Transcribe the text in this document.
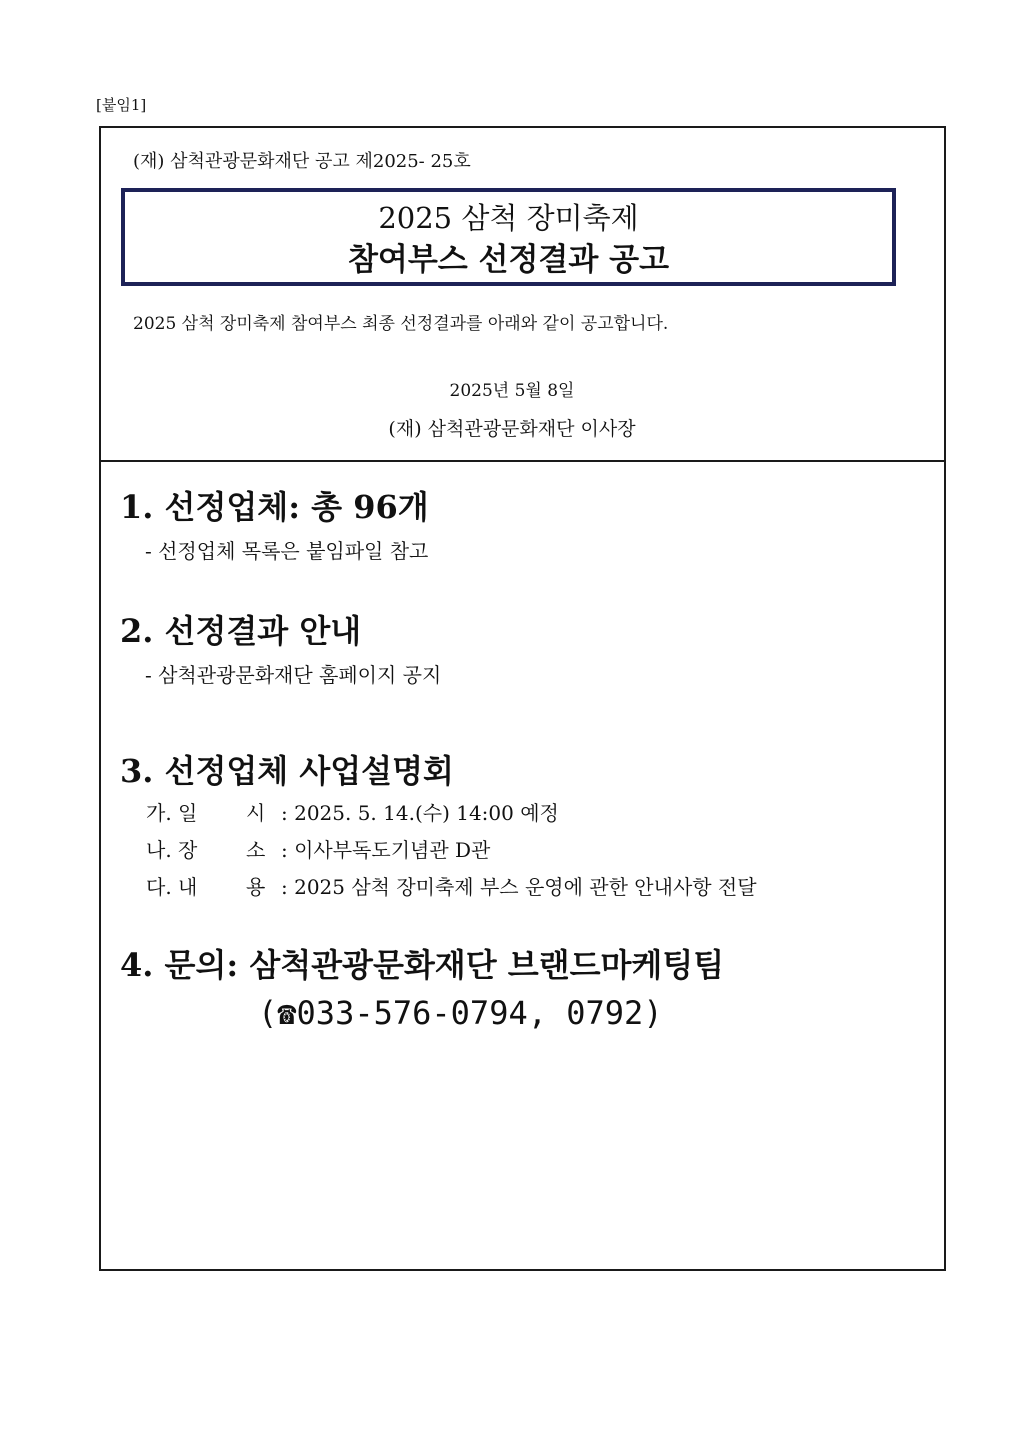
[붙임1]
(재) 삼척관광문화재단 공고 제2025- 25호
2025 삼척 장미축제
참여부스 선정결과 공고
2025 삼척 장미축제 참여부스 최종 선정결과를 아래와 같이 공고합니다.
2025년 5월 8일
(재) 삼척관광문화재단 이사장
1. 선정업체: 총 96개
- 선정업체 목록은 붙임파일 참고
2. 선정결과 안내
- 삼척관광문화재단 홈페이지 공지
3. 선정업체 사업설명회
가. 일 시 : 2025. 5. 14.(수) 14:00 예정
나. 장 소 : 이사부독도기념관 D관
다. 내 용 : 2025 삼척 장미축제 부스 운영에 관한 안내사항 전달
4. 문의: 삼척관광문화재단 브랜드마케팅팀
(☎033-576-0794, 0792)
